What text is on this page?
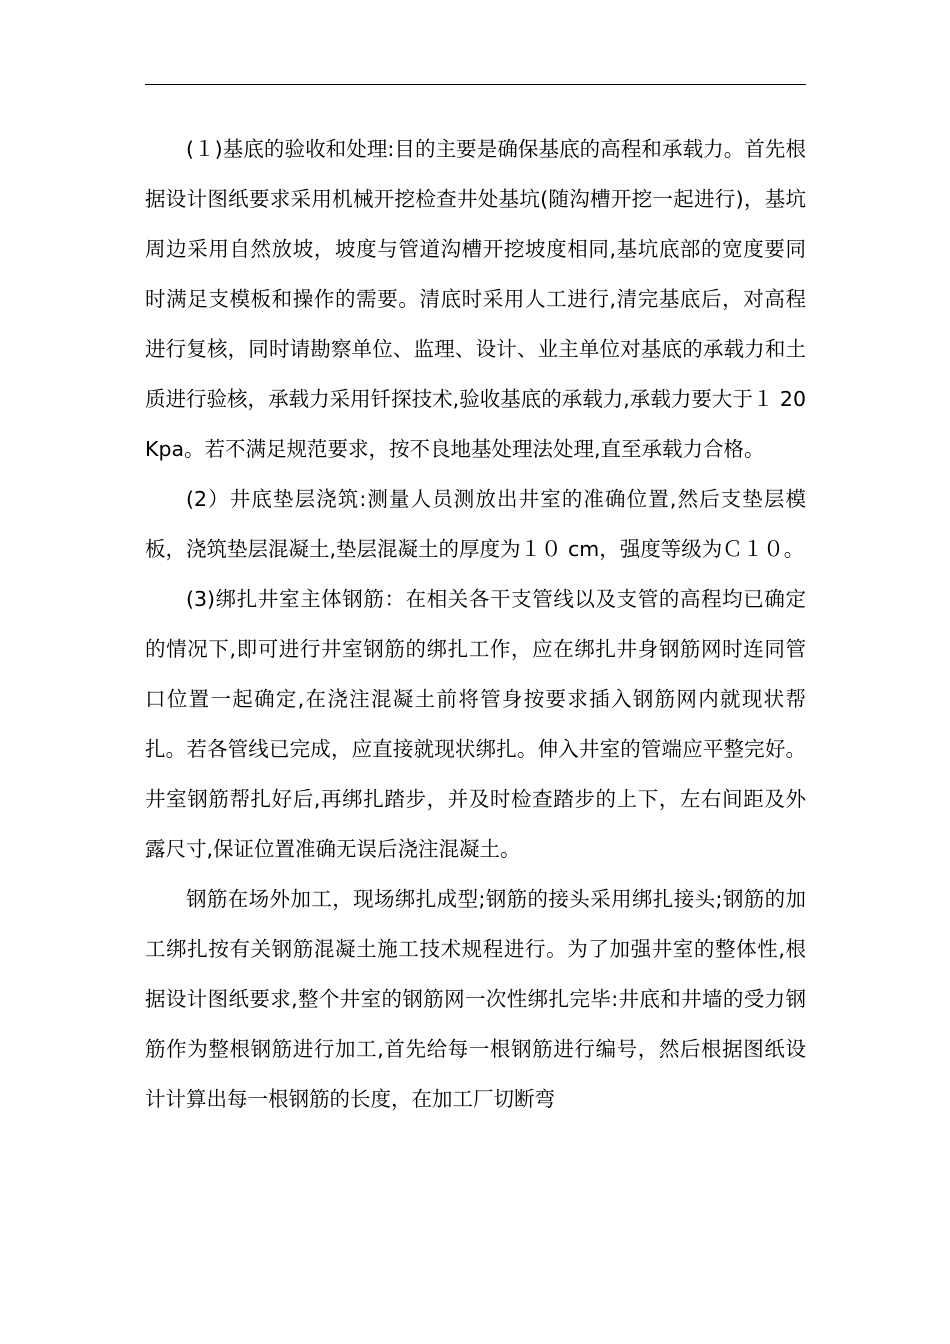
(１)基底的验收和处理:目的主要是确保基底的高程和承载力。首先根据设计图纸要求采用机械开挖检查井处基坑(随沟槽开挖一起进行)，基坑周边采用自然放坡，坡度与管道沟槽开挖坡度相同,基坑底部的宽度要同时满足支模板和操作的需要。清底时采用人工进行,清完基底后，对高程进行复核，同时请勘察单位、监理、设计、业主单位对基底的承载力和土质进行验核，承载力采用钎探技术,验收基底的承载力,承载力要大于１ 20Kpa。若不满足规范要求，按不良地基处理法处理,直至承载力合格。

(2）井底垫层浇筑:测量人员测放出井室的准确位置,然后支垫层模板，浇筑垫层混凝土,垫层混凝土的厚度为１０ cm，强度等级为Ｃ１０。

(3)绑扎井室主体钢筋：在相关各干支管线以及支管的高程均已确定的情况下,即可进行井室钢筋的绑扎工作，应在绑扎井身钢筋网时连同管口位置一起确定,在浇注混凝土前将管身按要求插入钢筋网内就现状帮扎。若各管线已完成，应直接就现状绑扎。伸入井室的管端应平整完好。井室钢筋帮扎好后,再绑扎踏步，并及时检查踏步的上下，左右间距及外露尺寸,保证位置准确无误后浇注混凝土。

钢筋在场外加工，现场绑扎成型;钢筋的接头采用绑扎接头;钢筋的加工绑扎按有关钢筋混凝土施工技术规程进行。为了加强井室的整体性,根据设计图纸要求,整个井室的钢筋网一次性绑扎完毕:井底和井墙的受力钢筋作为整根钢筋进行加工,首先给每一根钢筋进行编号，然后根据图纸设计计算出每一根钢筋的长度，在加工厂切断弯
